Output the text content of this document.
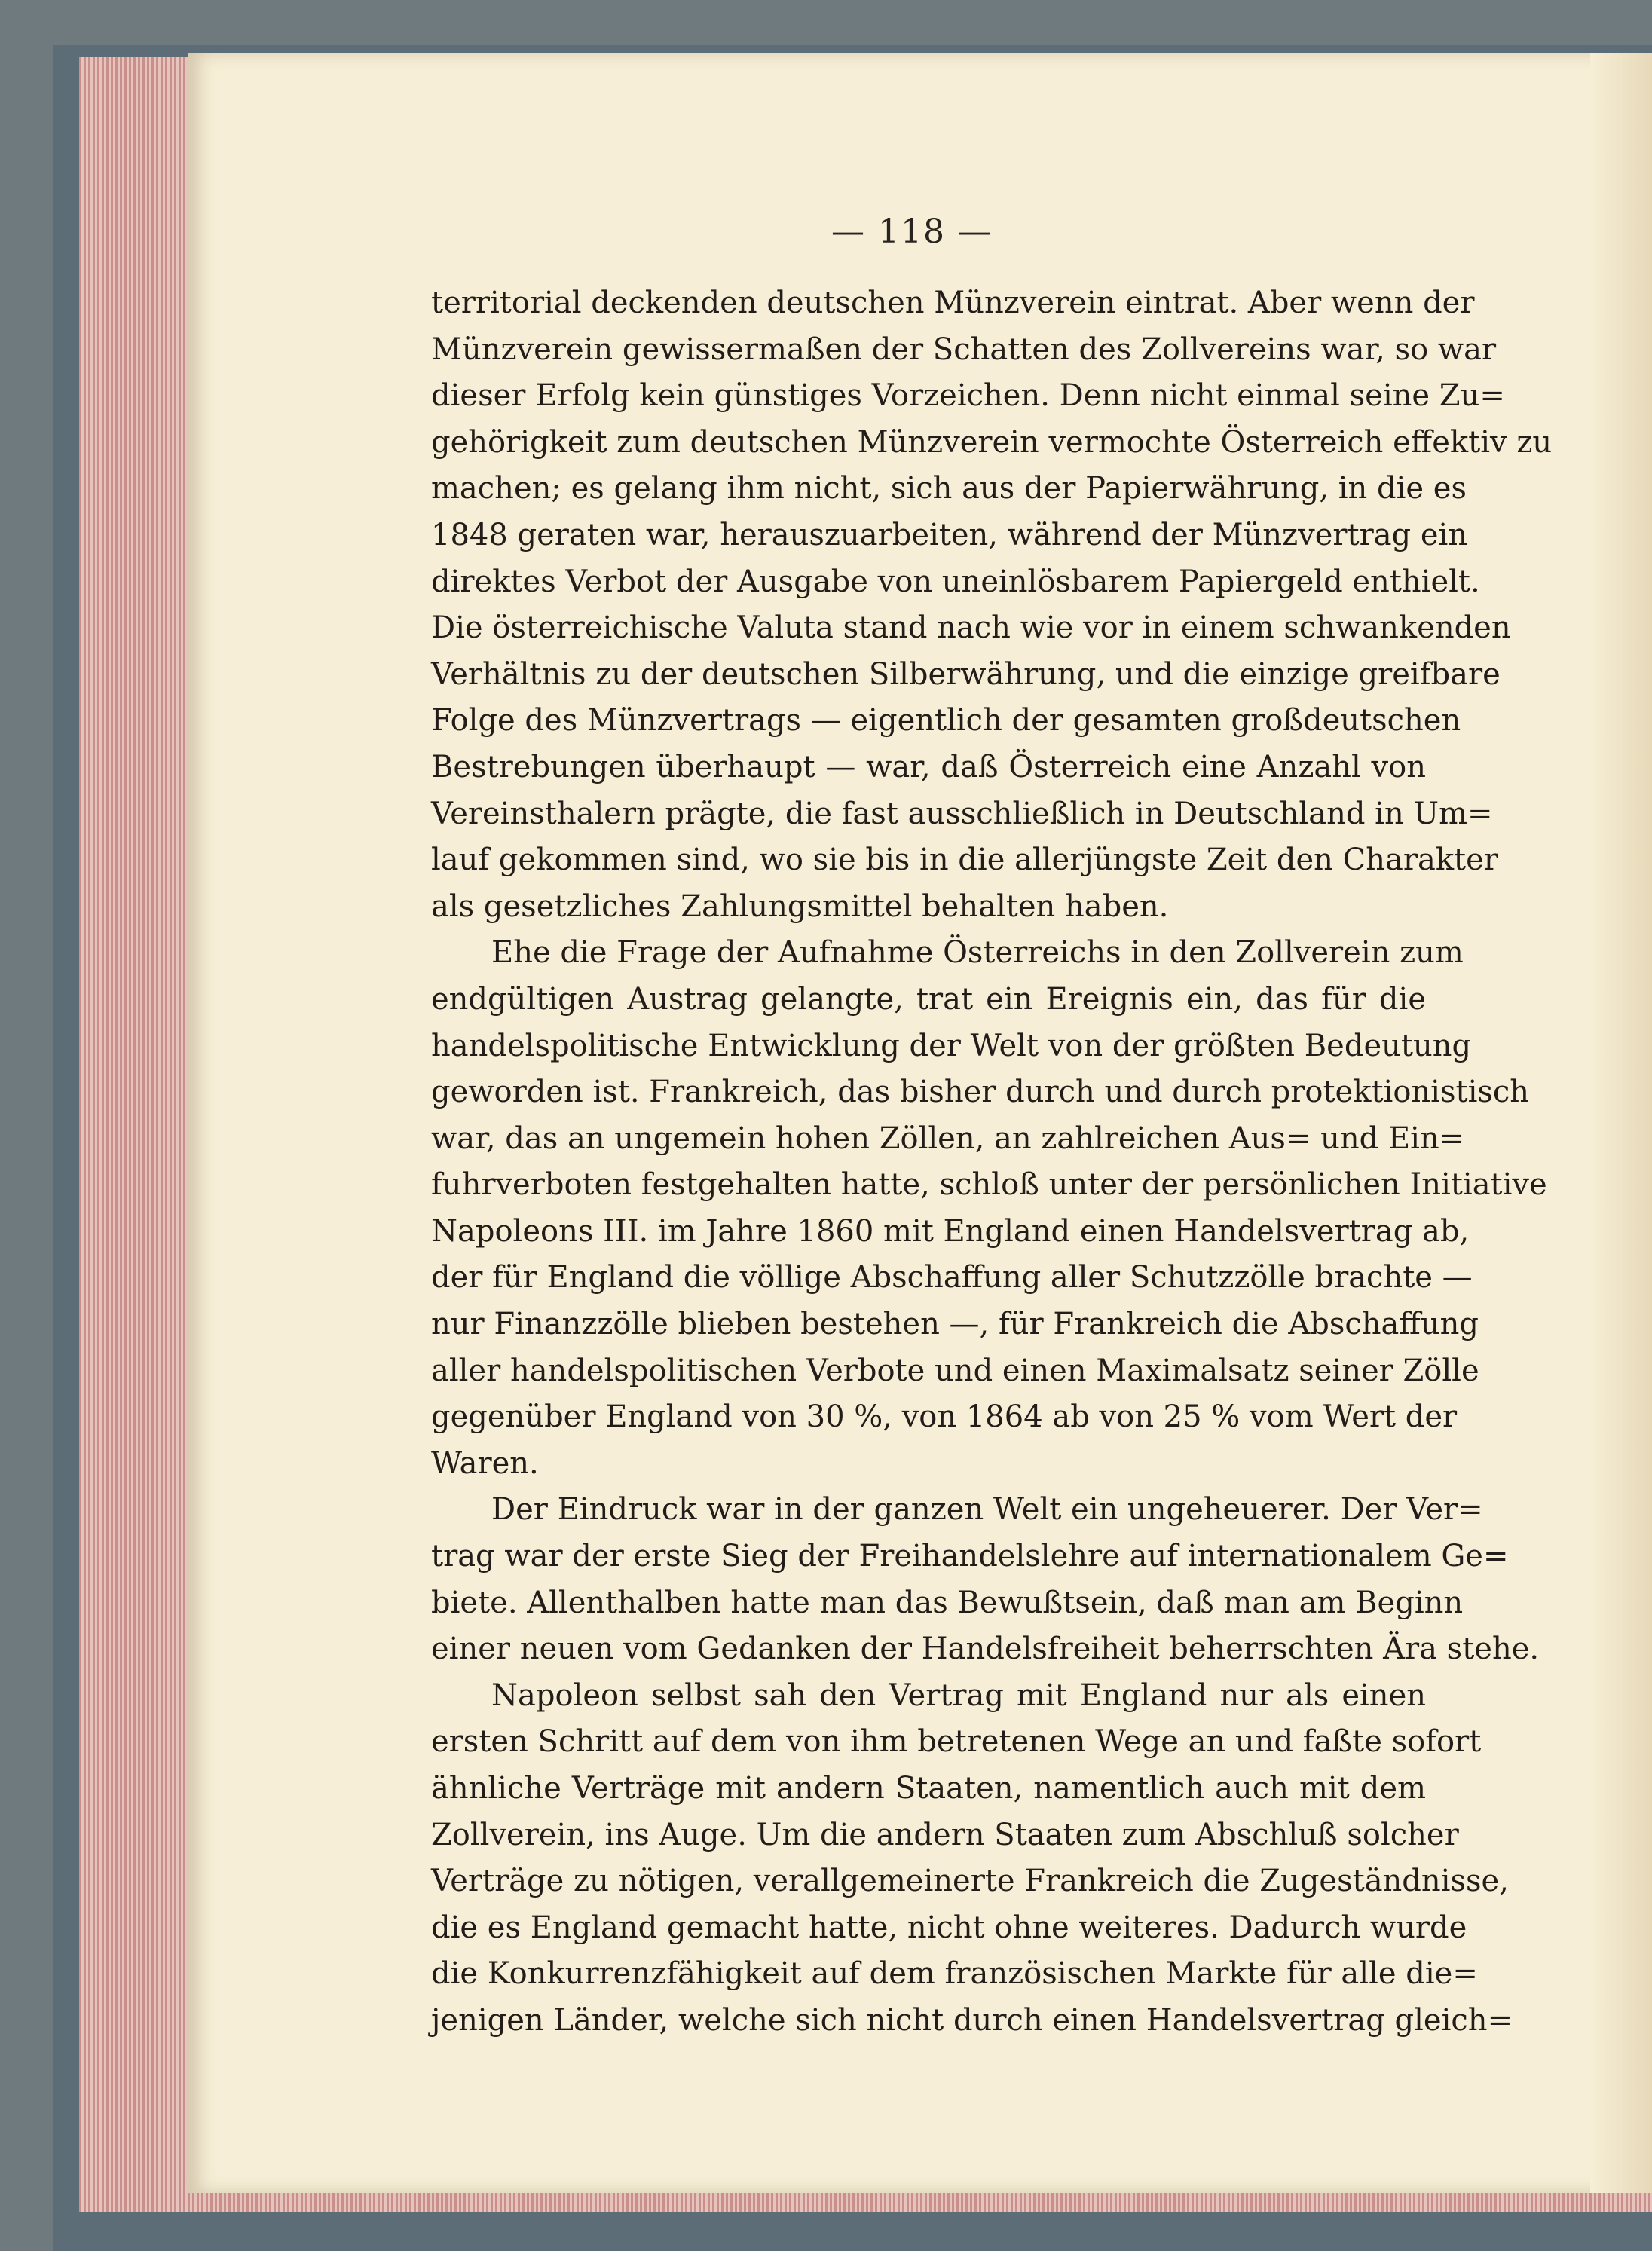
— 118 —
territorial deckenden deutschen Münzverein eintrat. Aber wenn der
Münzverein gewissermaßen der Schatten des Zollvereins war, so war
dieser Erfolg kein günstiges Vorzeichen. Denn nicht einmal seine Zu=
gehörigkeit zum deutschen Münzverein vermochte Österreich effektiv zu
machen; es gelang ihm nicht, sich aus der Papierwährung, in die es
1848 geraten war, herauszuarbeiten, während der Münzvertrag ein
direktes Verbot der Ausgabe von uneinlösbarem Papiergeld enthielt.
Die österreichische Valuta stand nach wie vor in einem schwankenden
Verhältnis zu der deutschen Silberwährung, und die einzige greifbare
Folge des Münzvertrags — eigentlich der gesamten großdeutschen
Bestrebungen überhaupt — war, daß Österreich eine Anzahl von
Vereinsthalern prägte, die fast ausschließlich in Deutschland in Um=
lauf gekommen sind, wo sie bis in die allerjüngste Zeit den Charakter
als gesetzliches Zahlungsmittel behalten haben.
Ehe die Frage der Aufnahme Österreichs in den Zollverein zum
endgültigen Austrag gelangte, trat ein Ereignis ein, das für die
handelspolitische Entwicklung der Welt von der größten Bedeutung
geworden ist. Frankreich, das bisher durch und durch protektionistisch
war, das an ungemein hohen Zöllen, an zahlreichen Aus= und Ein=
fuhrverboten festgehalten hatte, schloß unter der persönlichen Initiative
Napoleons III. im Jahre 1860 mit England einen Handelsvertrag ab,
der für England die völlige Abschaffung aller Schutzzölle brachte —
nur Finanzzölle blieben bestehen —, für Frankreich die Abschaffung
aller handelspolitischen Verbote und einen Maximalsatz seiner Zölle
gegenüber England von 30 %, von 1864 ab von 25 % vom Wert der
Waren.
Der Eindruck war in der ganzen Welt ein ungeheuerer. Der Ver=
trag war der erste Sieg der Freihandelslehre auf internationalem Ge=
biete. Allenthalben hatte man das Bewußtsein, daß man am Beginn
einer neuen vom Gedanken der Handelsfreiheit beherrschten Ära stehe.
Napoleon selbst sah den Vertrag mit England nur als einen
ersten Schritt auf dem von ihm betretenen Wege an und faßte sofort
ähnliche Verträge mit andern Staaten, namentlich auch mit dem
Zollverein, ins Auge. Um die andern Staaten zum Abschluß solcher
Verträge zu nötigen, verallgemeinerte Frankreich die Zugeständnisse,
die es England gemacht hatte, nicht ohne weiteres. Dadurch wurde
die Konkurrenzfähigkeit auf dem französischen Markte für alle die=
jenigen Länder, welche sich nicht durch einen Handelsvertrag gleich=
